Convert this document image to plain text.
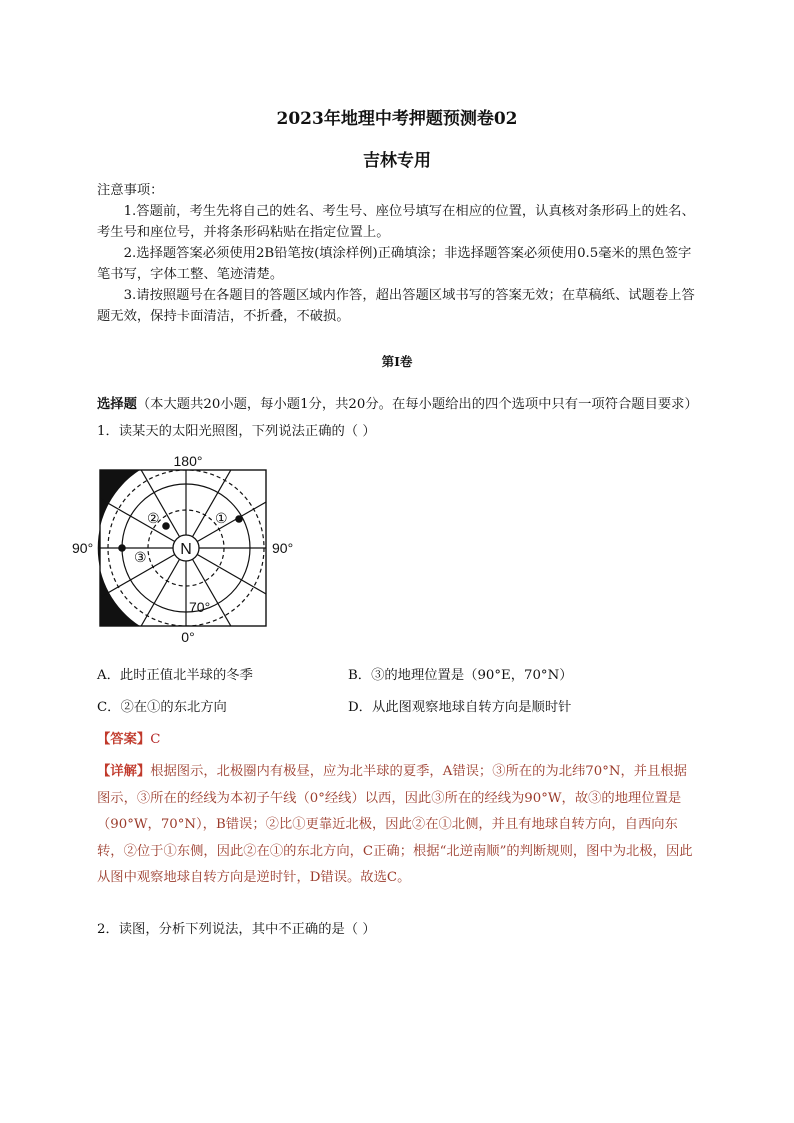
2023年地理中考押题预测卷02
吉林专用

注意事项：

1.答题前，考生先将自己的姓名、考生号、座位号填写在相应的位置，认真核对条形码上的姓名、考生号和座位号，并将条形码粘贴在指定位置上。

2.选择题答案必须使用2B铅笔按(填涂样例)正确填涂；非选择题答案必须使用0.5毫米的黑色签字笔书写，字体工整、笔迹清楚。

3.请按照题号在各题目的答题区域内作答，超出答题区域书写的答案无效；在草稿纸、试题卷上答题无效，保持卡面清洁，不折叠，不破损。

第Ⅰ卷
选择题（本大题共20小题，每小题1分，共20分。在每小题给出的四个选项中只有一项符合题目要求）
1．读某天的太阳光照图，下列说法正确的（ ）
N
③
②	①
180°
0°
90°	90°
70°
A．此时正值北半球的冬季	B．③的地理位置是（90°E，70°N）
C．②在①的东北方向	D．从此图观察地球自转方向是顺时针
【答案】C
【详解】根据图示，北极圈内有极昼，应为北半球的夏季，A错误；③所在的为北纬70°N，并且根据图示，③所在的经线为本初子午线（0°经线）以西，因此③所在的经线为90°W，故③的地理位置是（90°W，70°N），B错误；②比①更靠近北极，因此②在①北侧，并且有地球自转方向，自西向东转，②位于①东侧，因此②在①的东北方向，C正确；根据“北逆南顺”的判断规则，图中为北极，因此从图中观察地球自转方向是逆时针，D错误。故选C。
2．读图，分析下列说法，其中不正确的是（ ）
